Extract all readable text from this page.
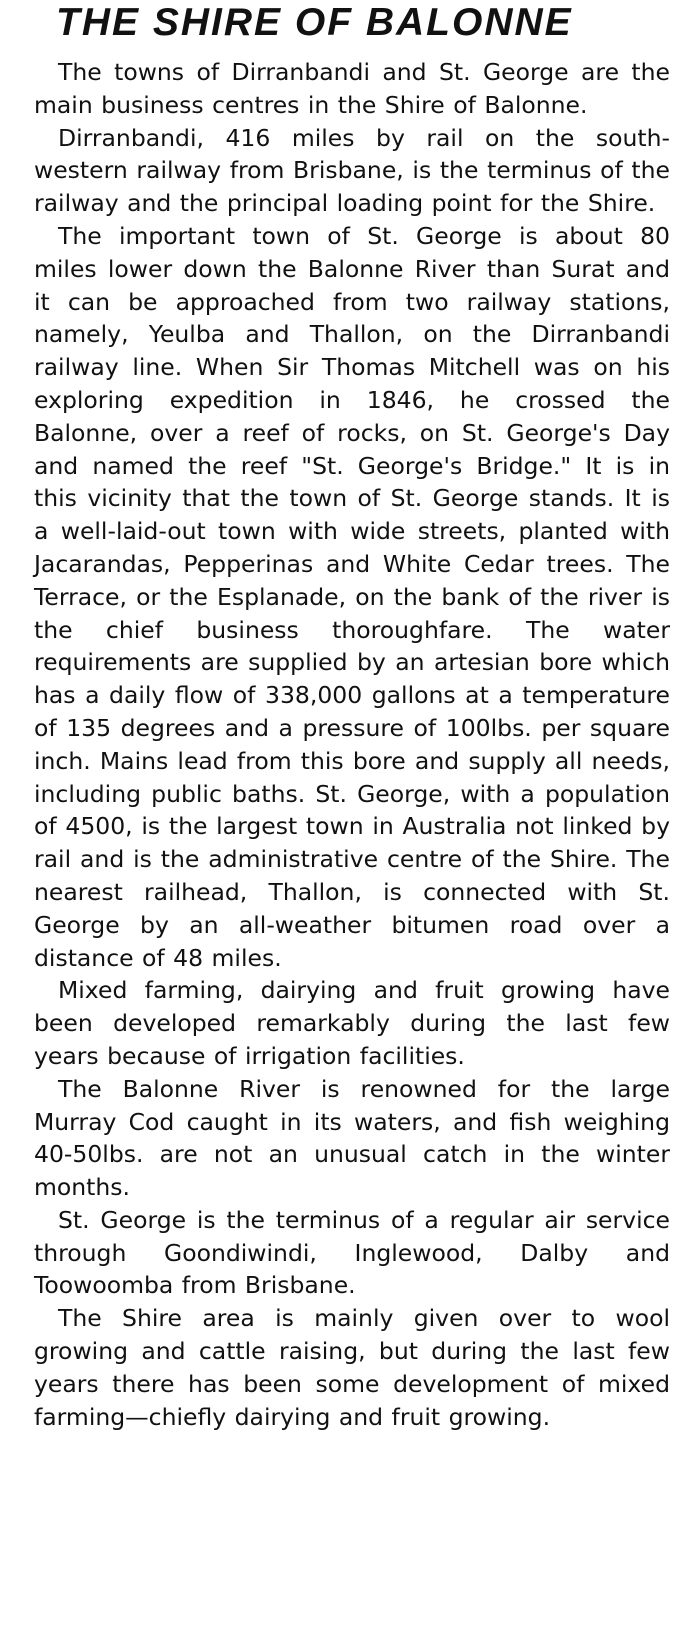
THE SHIRE OF BALONNE

The towns of Dirranbandi and St. George are the main business centres in the Shire of Balonne.

Dirranbandi, 416 miles by rail on the south-western railway from Brisbane, is the terminus of the railway and the principal loading point for the Shire.

The important town of St. George is about 80 miles lower down the Balonne River than Surat and it can be approached from two railway stations, namely, Yeulba and Thallon, on the Dirranbandi railway line. When Sir Thomas Mitchell was on his exploring expedition in 1846, he crossed the Balonne, over a reef of rocks, on St. George's Day and named the reef "St. George's Bridge." It is in this vicinity that the town of St. George stands. It is a well-laid-out town with wide streets, planted with Jacarandas, Pepperinas and White Cedar trees. The Terrace, or the Esplanade, on the bank of the river is the chief business thoroughfare. The water requirements are supplied by an artesian bore which has a daily flow of 338,000 gallons at a temperature of 135 degrees and a pressure of 100lbs. per square inch. Mains lead from this bore and supply all needs, including public baths. St. George, with a population of 4500, is the largest town in Australia not linked by rail and is the administrative centre of the Shire. The nearest railhead, Thallon, is connected with St. George by an all-weather bitumen road over a distance of 48 miles.

Mixed farming, dairying and fruit growing have been developed remarkably during the last few years because of irrigation facilities.

The Balonne River is renowned for the large Murray Cod caught in its waters, and fish weighing 40-50lbs. are not an unusual catch in the winter months.

St. George is the terminus of a regular air service through Goondiwindi, Inglewood, Dalby and Toowoomba from Brisbane.

The Shire area is mainly given over to wool growing and cattle raising, but during the last few years there has been some development of mixed farming—chiefly dairying and fruit growing.
